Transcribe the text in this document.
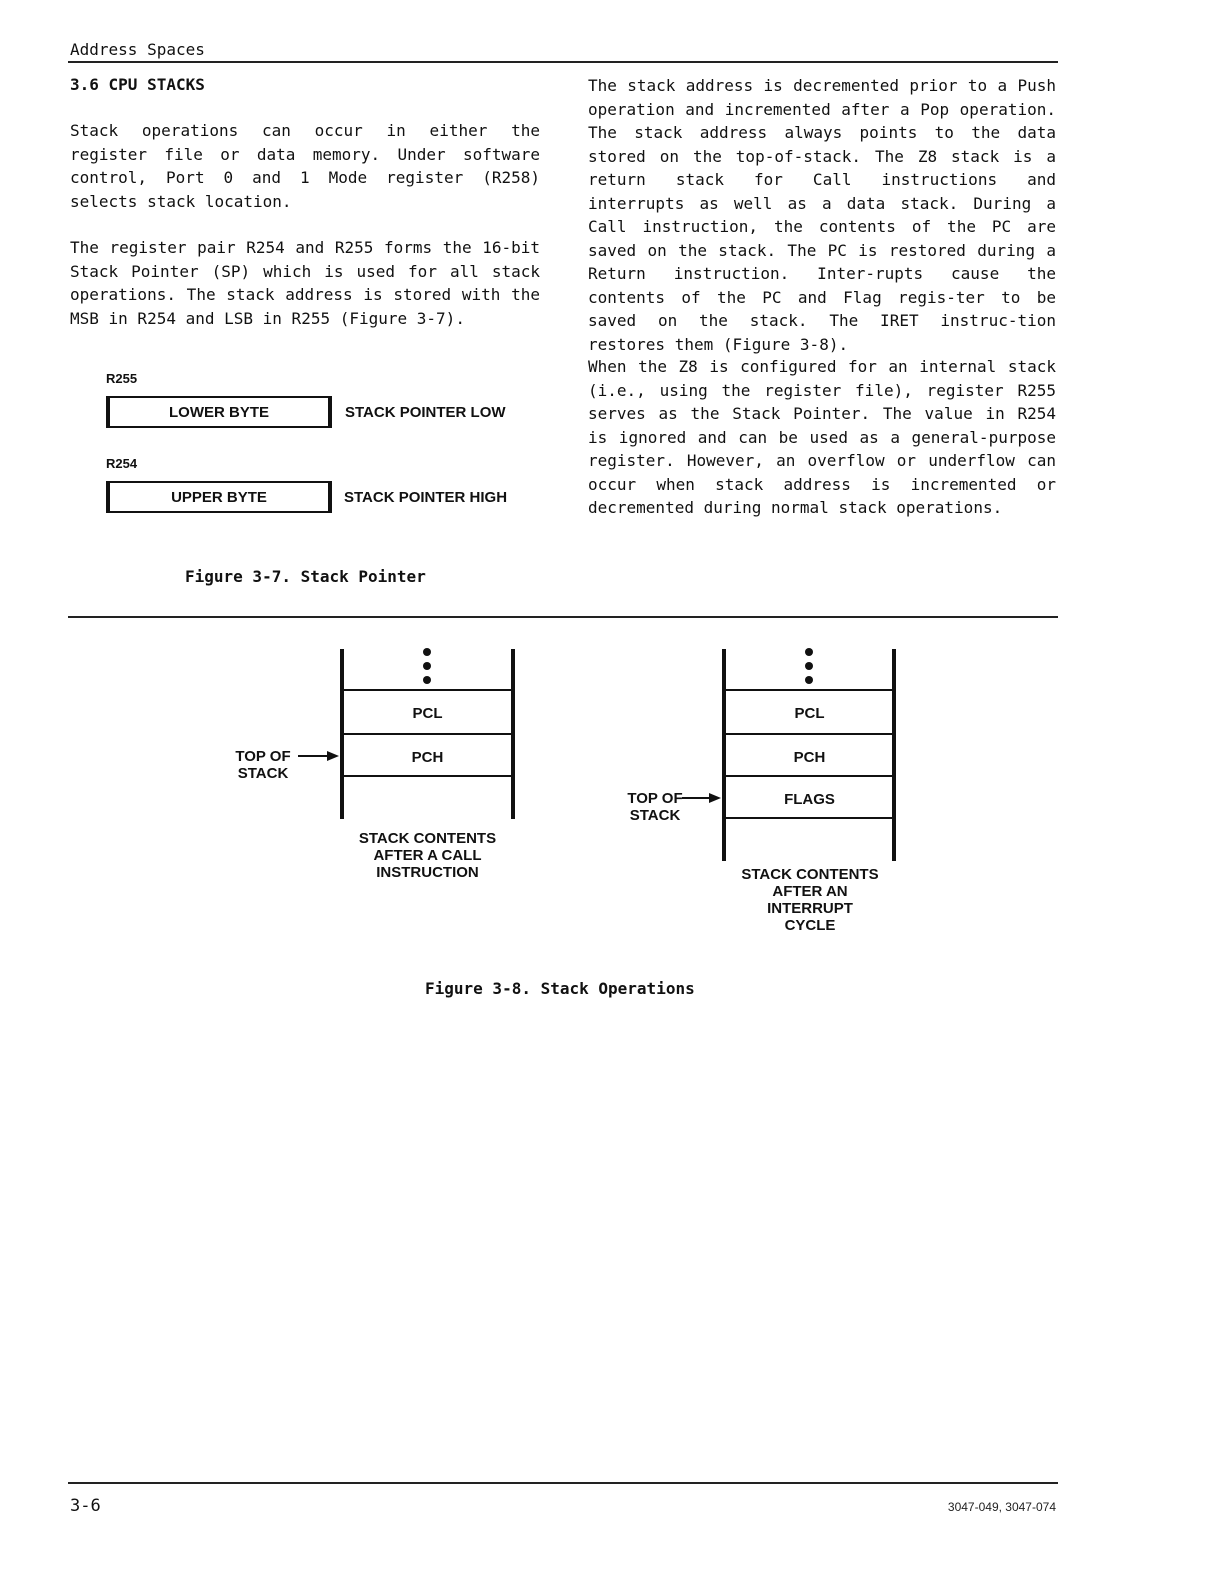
Address Spaces
3.6 CPU STACKS
Stack operations can occur in either the register file or data memory. Under software control, Port 0 and 1 Mode register (R258) selects stack location.
The register pair R254 and R255 forms the 16-bit Stack Pointer (SP) which is used for all stack operations. The stack address is stored with the MSB in R254 and LSB in R255 (Figure 3-7).
R255
LOWER BYTE	STACK POINTER LOW
R254
UPPER BYTE	STACK POINTER HIGH
Figure 3-7. Stack Pointer
The stack address is decremented prior to a Push operation and incremented after a Pop operation. The stack address always points to the data stored on the top-of-stack. The Z8 stack is a return stack for Call instructions and interrupts as well as a data stack. During a Call instruction, the contents of the PC are saved on the stack. The PC is restored during a Return instruction. Inter-rupts cause the contents of the PC and Flag regis-ter to be saved on the stack. The IRET instruc-tion restores them (Figure 3-8).
When the Z8 is configured for an internal stack (i.e., using the register file), register R255 serves as the Stack Pointer. The value in R254 is ignored and can be used as a general-purpose register. However, an overflow or underflow can occur when stack address is incremented or decremented during normal stack operations.
PCL
PCH
TOP OF
STACK
STACK CONTENTS
AFTER A CALL
INSTRUCTION
PCL
PCH
FLAGS
TOP OF
STACK
STACK CONTENTS
AFTER AN
INTERRUPT
CYCLE
Figure 3-8. Stack Operations
3-6	3047-049, 3047-074
